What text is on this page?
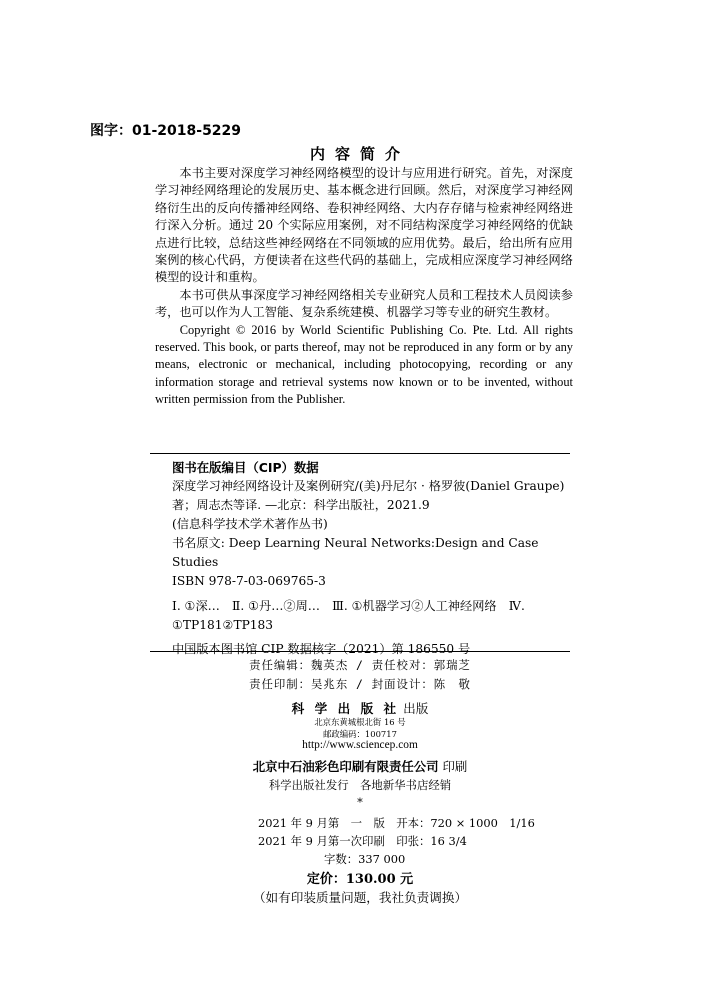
图字：01-2018-5229
内容简介

本书主要对深度学习神经网络模型的设计与应用进行研究。首先，对深度学习神经网络理论的发展历史、基本概念进行回顾。然后，对深度学习神经网络衍生出的反向传播神经网络、卷积神经网络、大内存存储与检索神经网络进行深入分析。通过 20 个实际应用案例，对不同结构深度学习神经网络的优缺点进行比较，总结这些神经网络在不同领域的应用优势。最后，给出所有应用案例的核心代码，方便读者在这些代码的基础上，完成相应深度学习神经网络模型的设计和重构。

本书可供从事深度学习神经网络相关专业研究人员和工程技术人员阅读参考，也可以作为人工智能、复杂系统建模、机器学习等专业的研究生教材。

Copyright © 2016 by World Scientific Publishing Co. Pte. Ltd. All rights reserved. This book, or parts thereof, may not be reproduced in any form or by any means, electronic or mechanical, including photocopying, recording or any information storage and retrieval systems now known or to be invented, without written permission from the Publisher.

图书在版编目（CIP）数据

深度学习神经网络设计及案例研究/(美)丹尼尔 · 格罗彼(Daniel Graupe)著；周志杰等译. —北京：科学出版社，2021.9

(信息科学技术学术著作丛书)

书名原文: Deep Learning Neural Networks:Design and Case Studies

ISBN 978-7-03-069765-3

Ⅰ. ①深…　Ⅱ. ①丹…②周…　Ⅲ. ①机器学习②人工神经网络　Ⅳ. ①TP181②TP183

中国版本图书馆 CIP 数据核字（2021）第 186550 号

责任编辑：魏英杰 / 责任校对：郭瑞芝
责任印制：吴兆东 / 封面设计：陈　敬
科 学 出 版 社 出版
北京东黄城根北街 16 号
邮政编码：100717
http://www.sciencep.com
北京中石油彩色印刷有限责任公司 印刷
科学出版社发行　各地新华书店经销
*
2021 年 9 月第　一　版　开本：720 × 1000　1/16
2021 年 9 月第一次印刷　印张：16 3/4
字数：337 000
定价：130.00 元
（如有印装质量问题，我社负责调换）
